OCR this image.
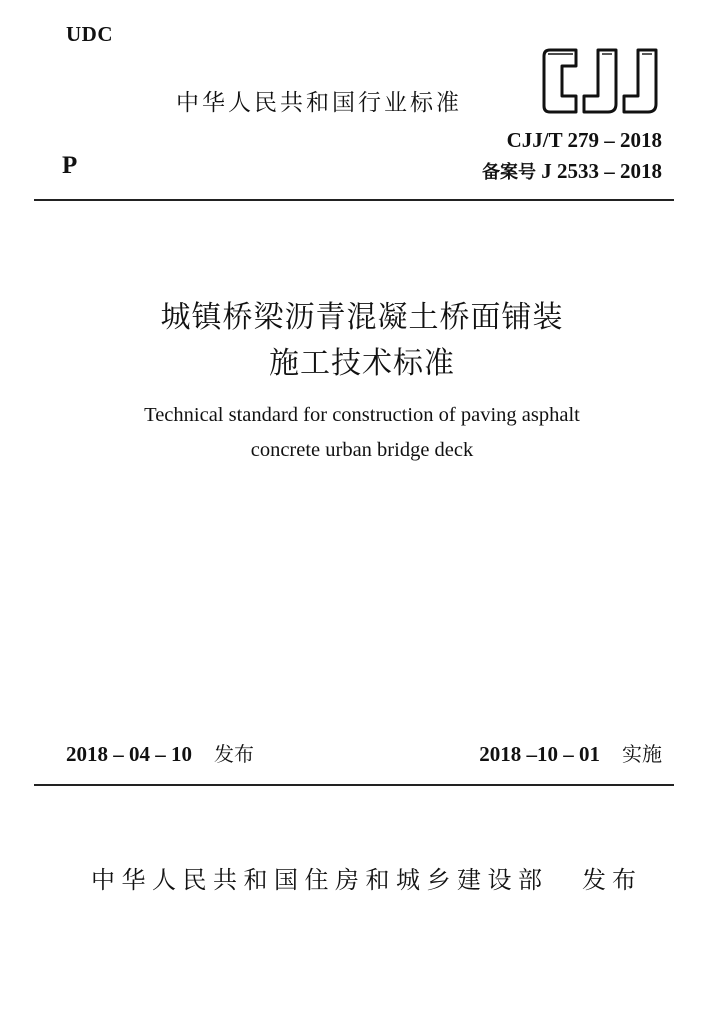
UDC
中华人民共和国行业标准
P
CJJ/T 279 – 2018
备案号 J 2533 – 2018
城镇桥梁沥青混凝土桥面铺装
施工技术标准
Technical standard for construction of paving asphalt
concrete urban bridge deck
2018 – 04 – 10 发布	2018 –10 – 01 实施
中华人民共和国住房和城乡建设部 发布
